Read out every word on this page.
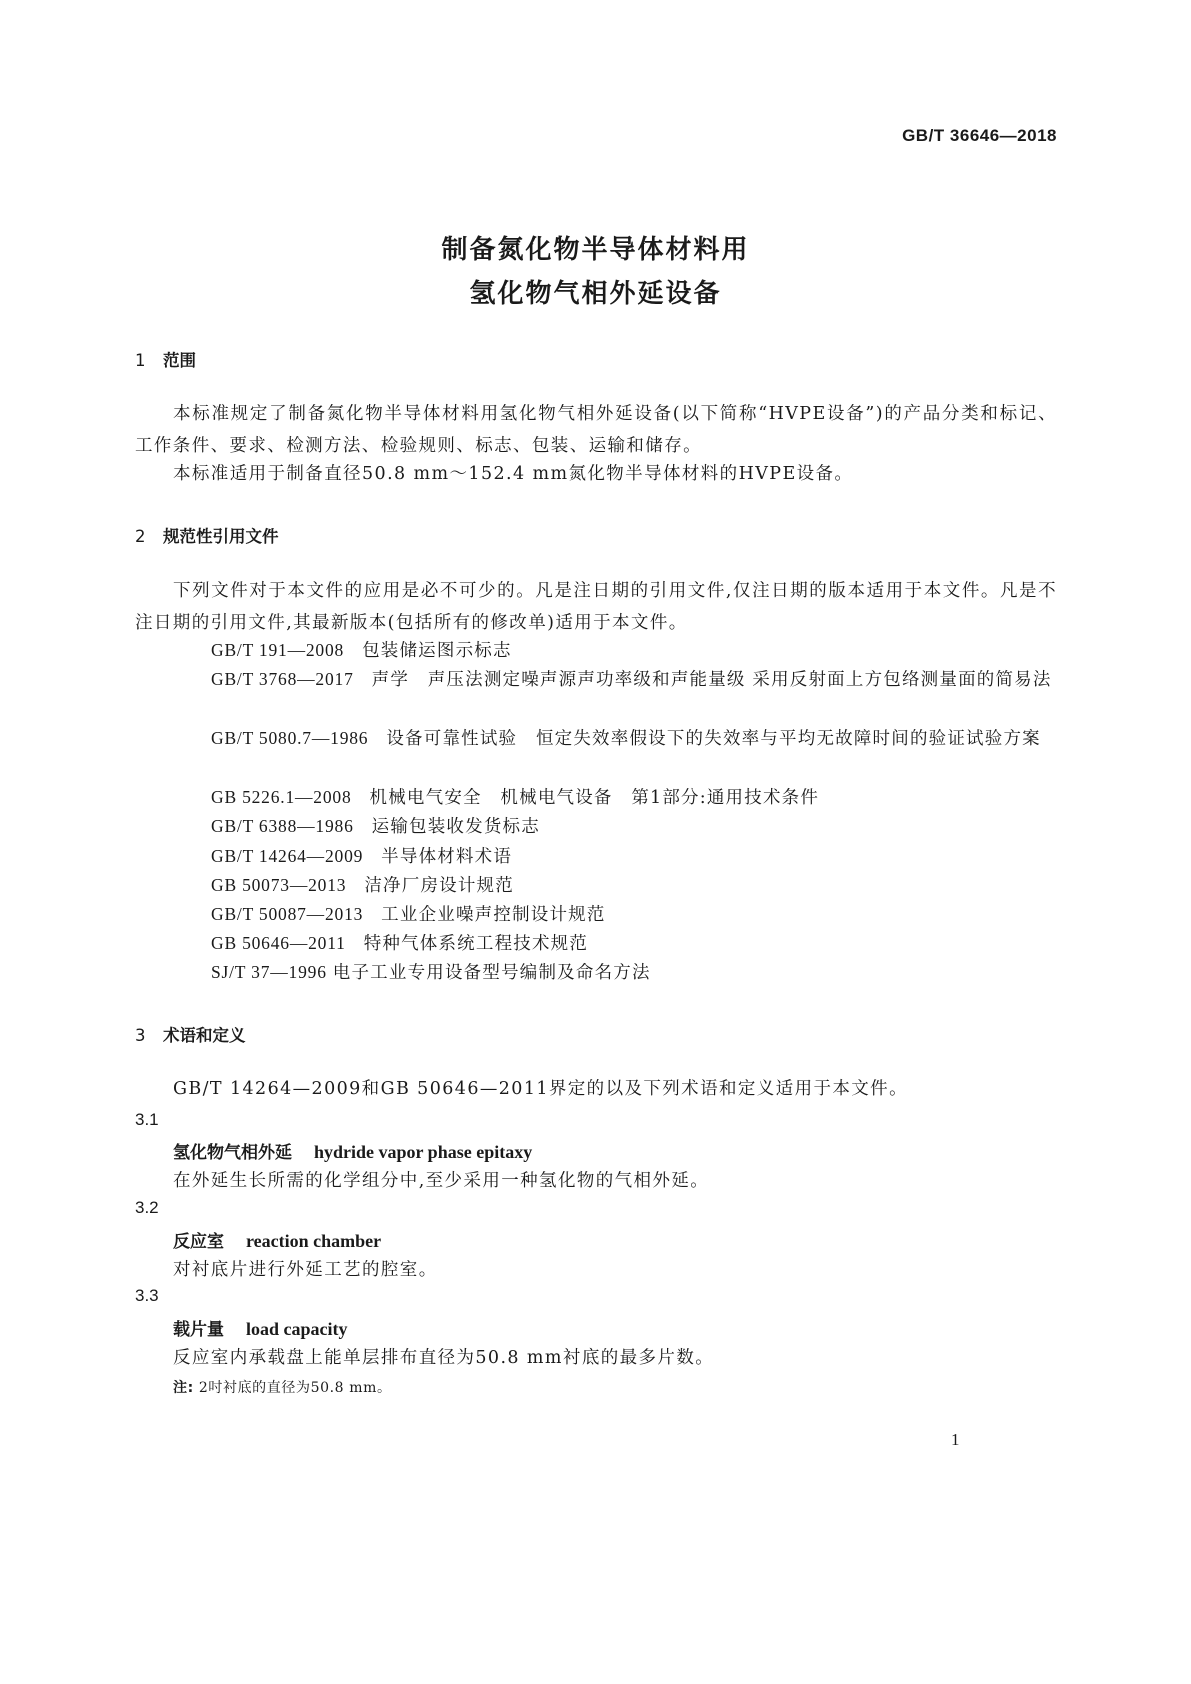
GB/T 36646—2018
制备氮化物半导体材料用
氢化物气相外延设备
1 范围
本标准规定了制备氮化物半导体材料用氢化物气相外延设备(以下简称“HVPE设备”)的产品分类和标记、工作条件、要求、检测方法、检验规则、标志、包装、运输和储存。
本标准适用于制备直径50.8 mm～152.4 mm氮化物半导体材料的HVPE设备。
2 规范性引用文件
下列文件对于本文件的应用是必不可少的。凡是注日期的引用文件,仅注日期的版本适用于本文件。凡是不注日期的引用文件,其最新版本(包括所有的修改单)适用于本文件。
GB/T 191—2008 包装储运图示标志
GB/T 3768—2017 声学　声压法测定噪声源声功率级和声能量级 采用反射面上方包络测量面的简易法
GB/T 5080.7—1986 设备可靠性试验　恒定失效率假设下的失效率与平均无故障时间的验证试验方案
GB 5226.1—2008 机械电气安全　机械电气设备　第1部分:通用技术条件
GB/T 6388—1986 运输包装收发货标志
GB/T 14264—2009 半导体材料术语
GB 50073—2013 洁净厂房设计规范
GB/T 50087—2013 工业企业噪声控制设计规范
GB 50646—2011 特种气体系统工程技术规范
SJ/T 37—1996 电子工业专用设备型号编制及命名方法
3 术语和定义
GB/T 14264—2009和GB 50646—2011界定的以及下列术语和定义适用于本文件。
3.1
氢化物气相外延 hydride vapor phase epitaxy
在外延生长所需的化学组分中,至少采用一种氢化物的气相外延。
3.2
反应室 reaction chamber
对衬底片进行外延工艺的腔室。
3.3
载片量 load capacity
反应室内承载盘上能单层排布直径为50.8 mm衬底的最多片数。
注: 2吋衬底的直径为50.8 mm。
1
